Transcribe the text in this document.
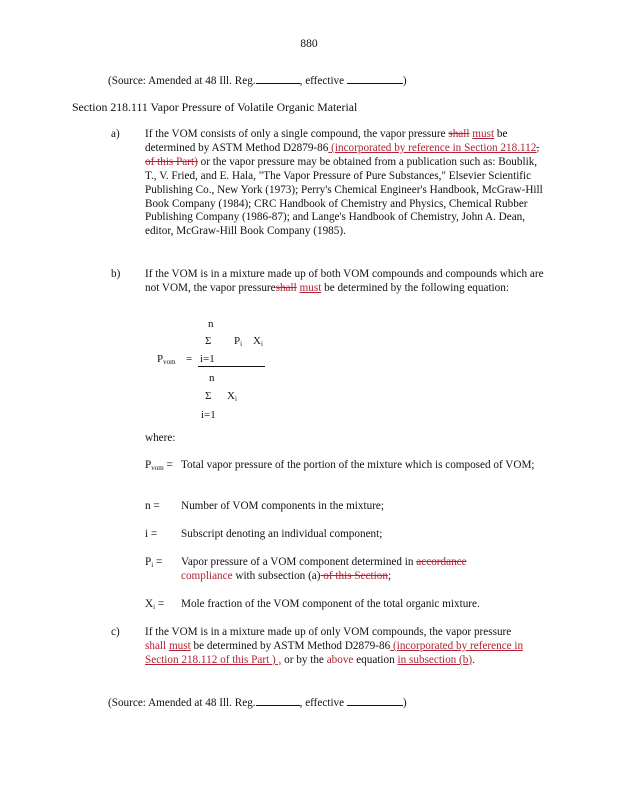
880
(Source: Amended at 48 Ill. Reg.	, effective	)
Section 218.111 Vapor Pressure of Volatile Organic Material
a) If the VOM consists of only a single compound, the vapor pressure shall must be determined by ASTM Method D2879-86 (incorporated by reference in Section 218.112, of this Part) or the vapor pressure may be obtained from a publication such as: Boublik, T., V. Fried, and E. Hala, "The Vapor Pressure of Pure Substances," Elsevier Scientific Publishing Co., New York (1973); Perry's Chemical Engineer's Handbook, McGraw-Hill Book Company (1984); CRC Handbook of Chemistry and Physics, Chemical Rubber Publishing Company (1986-87); and Lange's Handbook of Chemistry, John A. Dean, editor, McGraw-Hill Book Company (1985).
b) If the VOM is in a mixture made up of both VOM compounds and compounds which are not VOM, the vapor pressureshall must be determined by the following equation:
n
Σ $P_i$ $X_i$
$P_{vom} = i=1$
n
Σ $X_i$
i=1
where:
$P_{vom}$ = Total vapor pressure of the portion of the mixture which is composed of VOM;
n = Number of VOM components in the mixture;
i = Subscript denoting an individual component;
$P_i$ = Vapor pressure of a VOM component determined in accordance
compliance with subsection (a) of this Section;
$X_i$ = Mole fraction of the VOM component of the total organic mixture.
c) If the VOM is in a mixture made up of only VOM compounds, the vapor pressure
shall must be determined by ASTM Method D2879-86 (incorporated by reference in Section 218.112 of this Part ) , or by the above equation in subsection (b).
(Source: Amended at 48 Ill. Reg.	, effective	)
